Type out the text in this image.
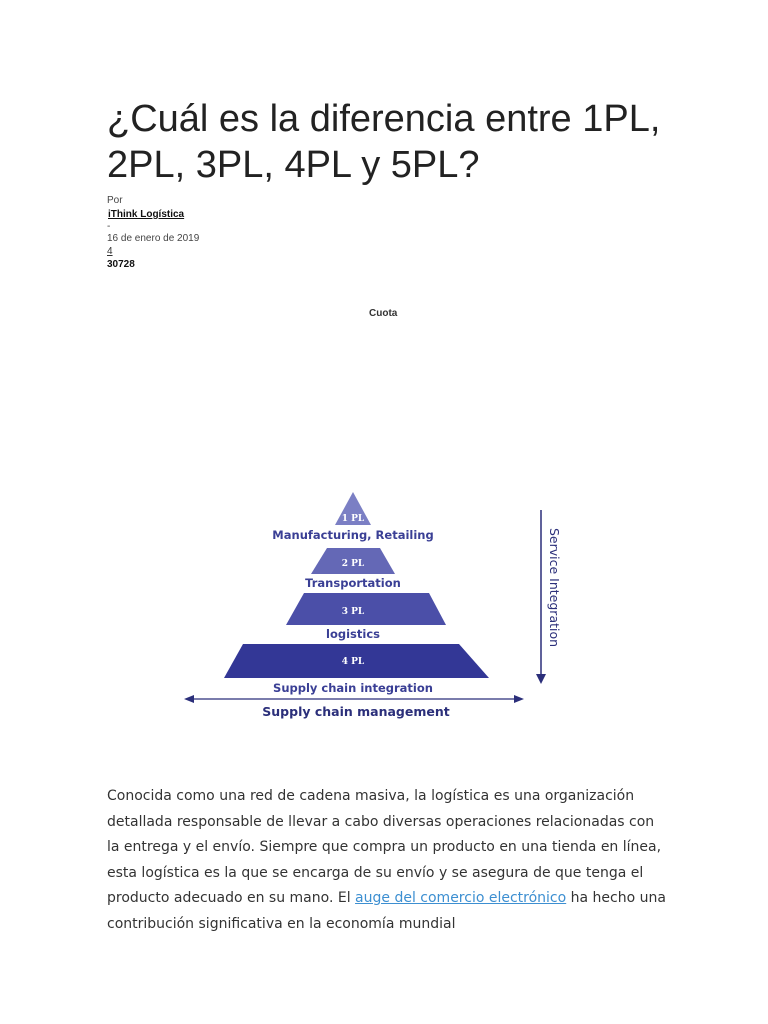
¿Cuál es la diferencia entre 1PL, 2PL, 3PL, 4PL y 5PL?
Por
iThink Logística
-
16 de enero de 2019
4
30728
Cuota
1 PL
Manufacturing, Retailing
2 PL
Transportation
3 PL
logistics
4 PL
Supply chain integration
Supply chain management
Service Integration

Conocida como una red de cadena masiva, la logística es una organización detallada responsable de llevar a cabo diversas operaciones relacionadas con la entrega y el envío. Siempre que compra un producto en una tienda en línea, esta logística es la que se encarga de su envío y se asegura de que tenga el producto adecuado en su mano. El auge del comercio electrónico ha hecho una contribución significativa en la economía mundial
